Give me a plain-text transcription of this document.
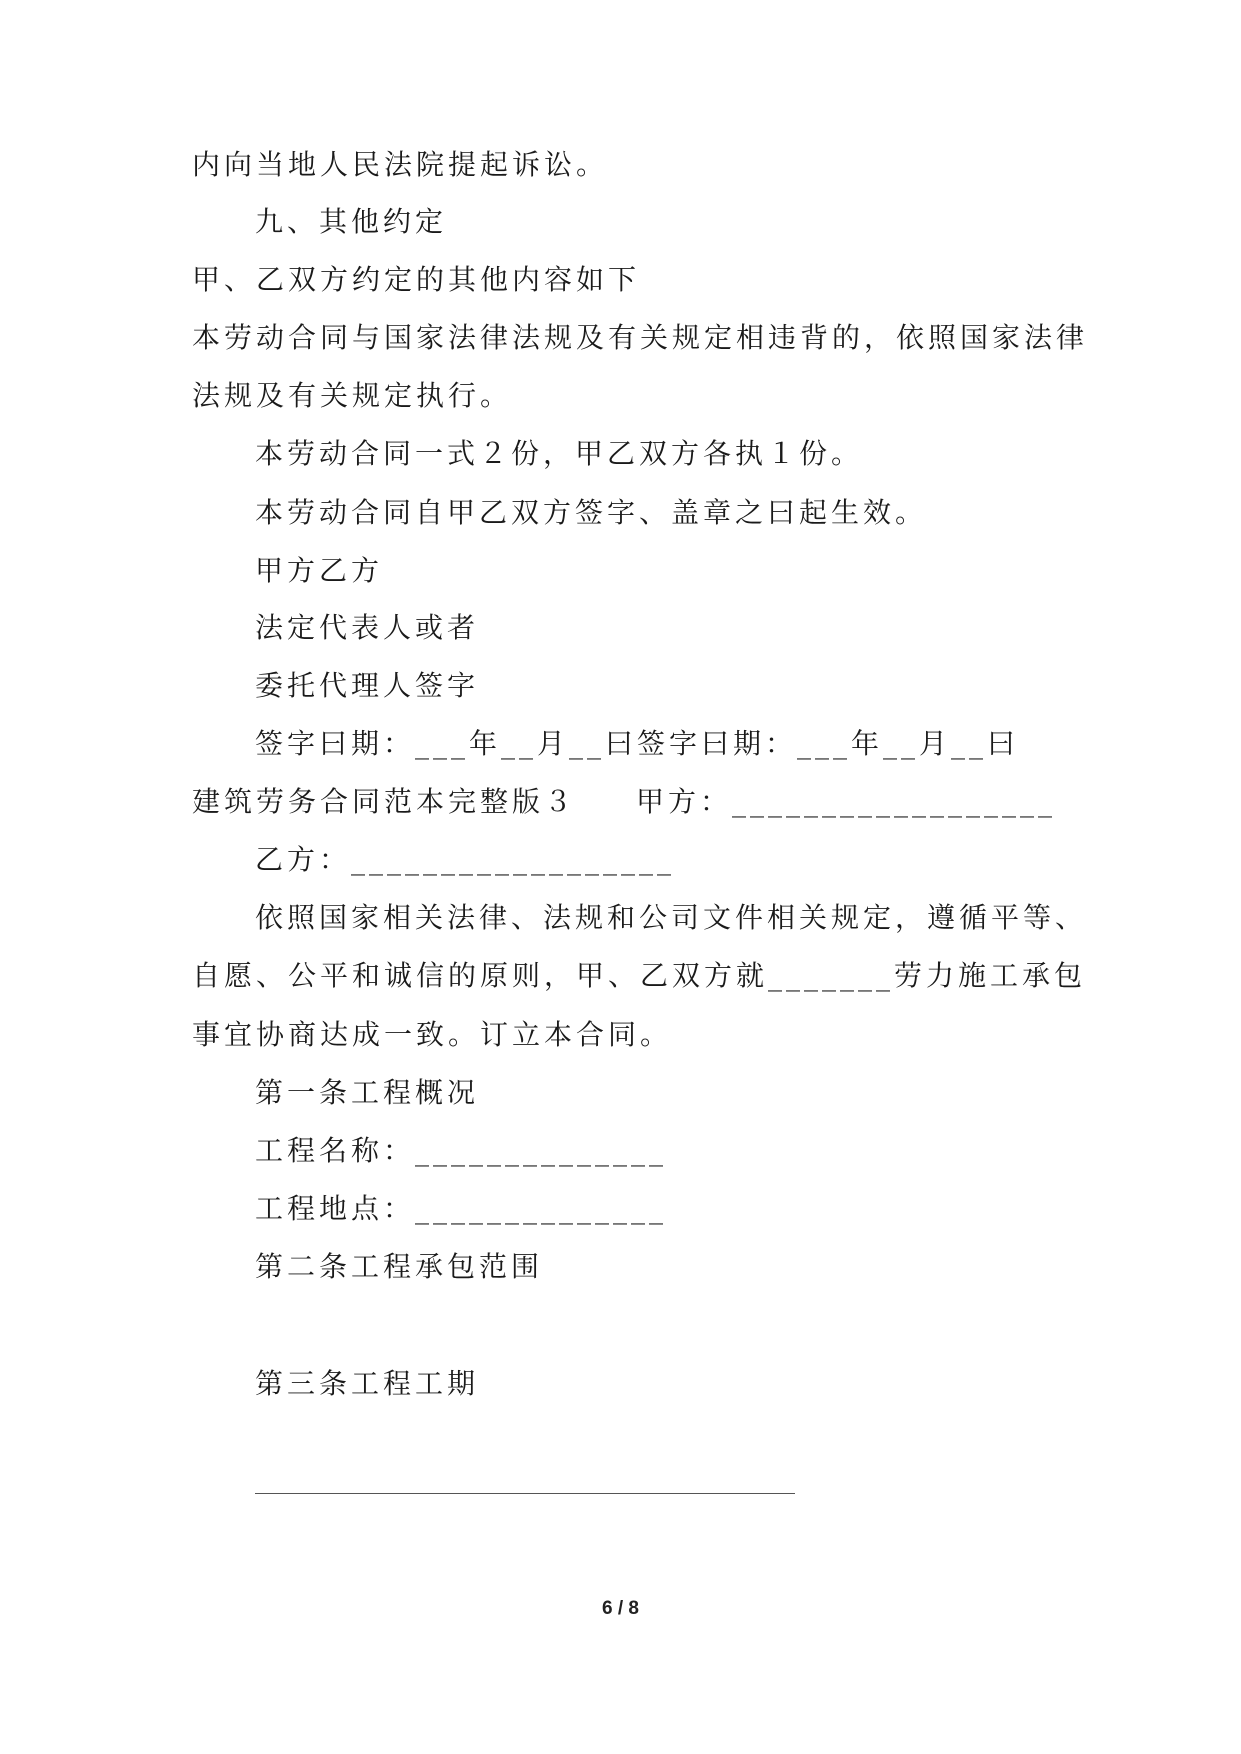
内向当地人民法院提起诉讼。
九、其他约定
甲、乙双方约定的其他内容如下
本劳动合同与国家法律法规及有关规定相违背的，依照国家法律
法规及有关规定执行。
本劳动合同一式２份，甲乙双方各执１份。
本劳动合同自甲乙双方签字、盖章之曰起生效。
甲方乙方
法定代表人或者
委托代理人签字
签字曰期：___年__月__曰签字曰期：___年__月__曰
建筑劳务合同范本完整版３ 甲方：__________________
乙方：__________________
依照国家相关法律、法规和公司文件相关规定，遵循平等、
自愿、公平和诚信的原则，甲、乙双方就_______劳力施工承包
事宜协商达成一致。订立本合同。
第一条工程概况
工程名称：______________
工程地点：______________
第二条工程承包范围
第三条工程工期
6 / 8
